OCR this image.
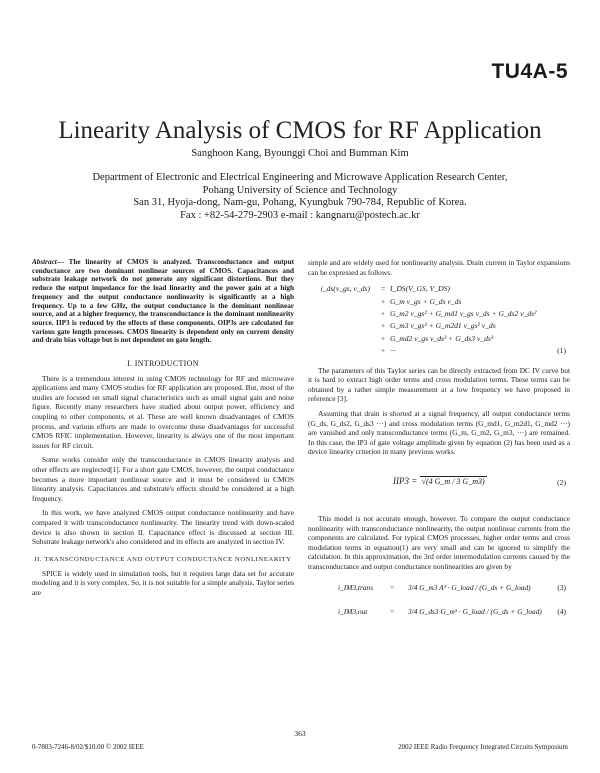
TU4A-5
Linearity Analysis of CMOS for RF Application
Sanghoon Kang, Byounggi Choi and Bumman Kim
Department of Electronic and Electrical Engineering and Microwave Application Research Center,
Pohang University of Science and Technology
San 31, Hyoja-dong, Nam-gu, Pohang, Kyungbuk 790-784, Republic of Korea.
Fax : +82-54-279-2903 e-mail : kangnaru@postech.ac.kr
Abstract— The linearity of CMOS is analyzed. Transconductance and output conductance are two dominant nonlinear sources of CMOS. Capacitances and substrate leakage network do not generate any significant distortions. But they reduce the output impedance for the load linearity and the power gain at a high frequency and the output conductance nonlinearity is significantly at a high frequency. Up to a few GHz, the output conductance is the dominant nonlinear source, and at a higher frequency, the transconductance is the dominant nonlinearity source. IIP3 is reduced by the effects of these components. OIP3s are calculated for various gate length processes. CMOS linearity is dependent only on current density and drain bias voltage but is not dependent on gate length.
I. INTRODUCTION

There is a tremendous interest in using CMOS technology for RF and microwave applications and many CMOS studies for RF application are proposed. But, most of the studies are focused on small signal characteristics such as small signal gain and noise figure. Recently many researchers have studied about output power, efficiency and coupling to other components, et al. These are well known disadvantages of CMOS process, and various efforts are made to overcome these disadvantages for successful CMOS RFIC implementation. However, linearity is always one of the most important issues for RF circuit.

Some works consider only the transconductance in CMOS linearity analysis and other effects are neglected[1]. For a short gate CMOS, however, the output conductance becomes a more important nonlinear source and it must be considered in CMOS linearity analysis. Capacitances and substrate's effects should be considered at a high frequency.

In this work, we have analyzed CMOS output conductance nonlinearity and have compared it with transconductance nonlinearity. The linearity trend with down-scaled device is also shown in section II. Capacitance effect is discussed at section III. Substrate leakage network's also considered and its effects are analyzed in section IV.

II. TRANSCONDUCTANCE AND OUTPUT CONDUCTANCE NONLINEARITY

SPICE is widely used in simulation tools, but it requires large data set for accurate modeling and it is very complex. So, it is not suitable for a simple analysis. Taylor series are

simple and are widely used for nonlinearity analysis. Drain current in Taylor expansions can be expressed as follows.

i_ds(v_gs, v_ds)	= I_DS(V_GS, V_DS)
+ G_m v_gs + G_ds v_ds
+ G_m2 v_gs² + G_md1 v_gs v_ds + G_ds2 v_ds²
+ G_m3 v_gs³ + G_m2d1 v_gs² v_ds
+ G_md2 v_gs v_ds² + G_ds3 v_ds³
+ ···	(1)

The parameters of this Taylor series can be directly extracted from DC IV curve but it is hard to extract high order terms and cross modulation terms. These terms can be obtained by a rather simple measurement at a low frequency we have proposed in reference [3].

Assuming that drain is shorted at a signal frequency, all output conductance terms (G_ds, G_ds2, G_ds3 ···) and cross modulation terms (G_md1, G_m2d1, G_md2 ···) are vanished and only transconductance terms (G_m, G_m2, G_m3, ···) are remained. In this case, the IP3 of gate voltage amplitude given by equation (2) has been used as a device linearity criterion in many previous works.

IIP3 = √(4 G_m / 3 G_m3)	(2)

This model is not accurate enough, however. To compare the output conductance nonlinearity with transconductance nonlinearity, the output nonlinear currents from the components are calculated. For typical CMOS processes, higher order terms and cross modulation terms in equation(1) are very small and can be ignored to simplify the calculation. In this approximation, the 3rd order intermodulation currents caused by the transconductance and output conductance nonlinearities are given by

i_IM3,trans = 3/4 G_m3 A³ · G_load / (G_ds + G_load)	(3)
i_IM3,out	= 3/4 G_ds3 G_m³ · G_load / (G_ds + G_load) (4)
363
0-7803-7246-8/02/$10.00 © 2002 IEEE	2002 IEEE Radio Frequency Integrated Circuits Symposium
